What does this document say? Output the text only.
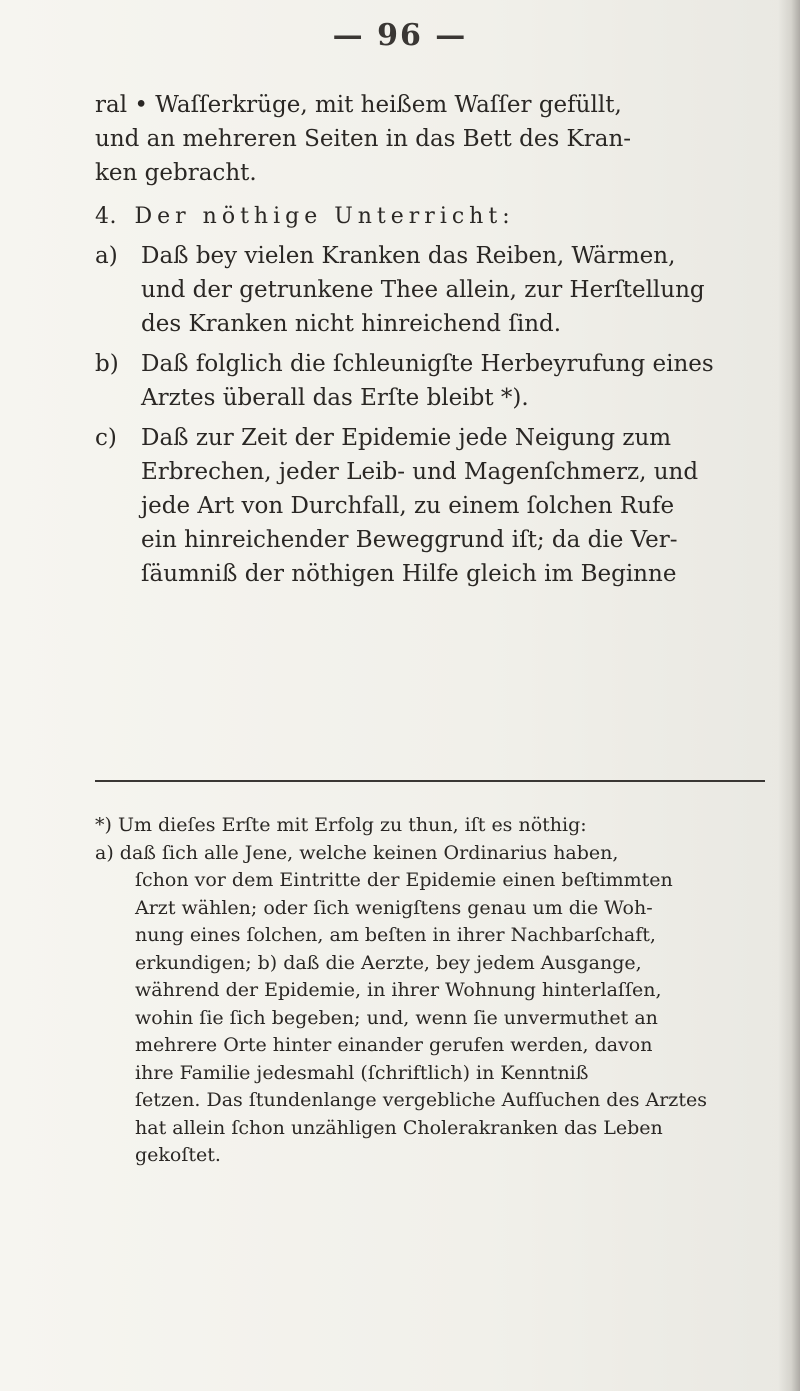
— 96 —

ral • Waſſerkrüge, mit heißem Waſſer gefüllt,

und an mehreren Seiten in das Bett des Kran-

ken gebracht.

4. Der nöthige Unterricht:
a) Daß bey vielen Kranken das Reiben, Wärmen,

und der getrunkene Thee allein, zur Herſtellung

des Kranken nicht hinreichend ſind.

b) Daß folglich die ſchleunigſte Herbeyrufung eines

Arztes überall das Erſte bleibt *).

c) Daß zur Zeit der Epidemie jede Neigung zum

Erbrechen, jeder Leib- und Magenſchmerz, und

jede Art von Durchfall, zu einem ſolchen Rufe

ein hinreichender Beweggrund iſt; da die Ver-

ſäumniß der nöthigen Hilfe gleich im Beginne

*) Um dieſes Erſte mit Erfolg zu thun, iſt es nöthig:
a) daß ſich alle Jene, welche keinen Ordinarius haben,
ſchon vor dem Eintritte der Epidemie einen beſtimmten
Arzt wählen; oder ſich wenigſtens genau um die Woh-
nung eines ſolchen, am beſten in ihrer Nachbarſchaft,
erkundigen; b) daß die Aerzte, bey jedem Ausgange,
während der Epidemie, in ihrer Wohnung hinterlaſſen,
wohin ſie ſich begeben; und, wenn ſie unvermuthet an
mehrere Orte hinter einander gerufen werden, davon
ihre Familie jedesmahl (ſchriftlich) in Kenntniß
ſetzen. Das ſtundenlange vergebliche Aufſuchen des Arztes
hat allein ſchon unzähligen Cholerakranken das Leben
gekoſtet.
